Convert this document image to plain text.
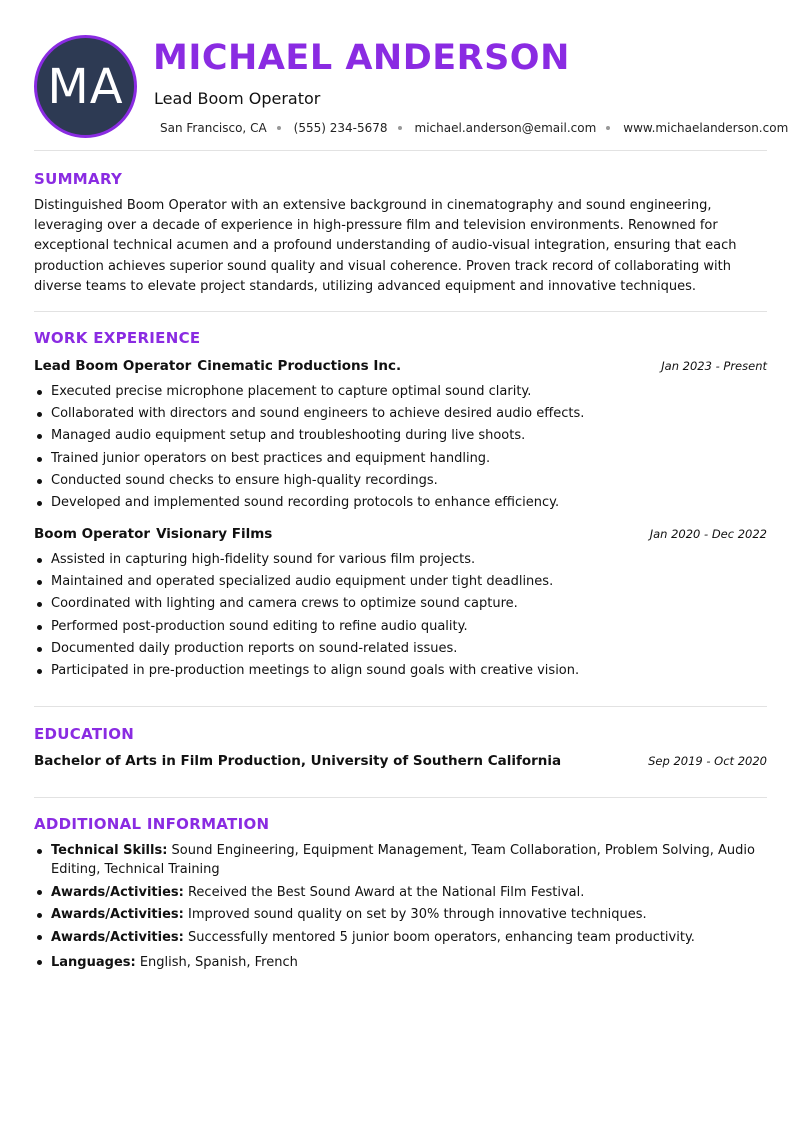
MA
MICHAEL ANDERSON
Lead Boom Operator
San Francisco, CA (555) 234-5678 michael.anderson@email.com www.michaelanderson.com
SUMMARY
Distinguished Boom Operator with an extensive background in cinematography and sound engineering, leveraging over a decade of experience in high-pressure film and television environments. Renowned for exceptional technical acumen and a profound understanding of audio-visual integration, ensuring that each production achieves superior sound quality and visual coherence. Proven track record of collaborating with diverse teams to elevate project standards, utilizing advanced equipment and innovative techniques.
WORK EXPERIENCE
Lead Boom Operator Cinematic Productions Inc.	Jan 2023 - Present
Executed precise microphone placement to capture optimal sound clarity.
Collaborated with directors and sound engineers to achieve desired audio effects.
Managed audio equipment setup and troubleshooting during live shoots.
Trained junior operators on best practices and equipment handling.
Conducted sound checks to ensure high-quality recordings.
Developed and implemented sound recording protocols to enhance efficiency.
Boom Operator Visionary Films	Jan 2020 - Dec 2022
Assisted in capturing high-fidelity sound for various film projects.
Maintained and operated specialized audio equipment under tight deadlines.
Coordinated with lighting and camera crews to optimize sound capture.
Performed post-production sound editing to refine audio quality.
Documented daily production reports on sound-related issues.
Participated in pre-production meetings to align sound goals with creative vision.
EDUCATION
Bachelor of Arts in Film Production, University of Southern California	Sep 2019 - Oct 2020
ADDITIONAL INFORMATION
Technical Skills: Sound Engineering, Equipment Management, Team Collaboration, Problem Solving, Audio Editing, Technical Training
Awards/Activities: Received the Best Sound Award at the National Film Festival.
Awards/Activities: Improved sound quality on set by 30% through innovative techniques.
Awards/Activities: Successfully mentored 5 junior boom operators, enhancing team productivity.
Languages: English, Spanish, French
